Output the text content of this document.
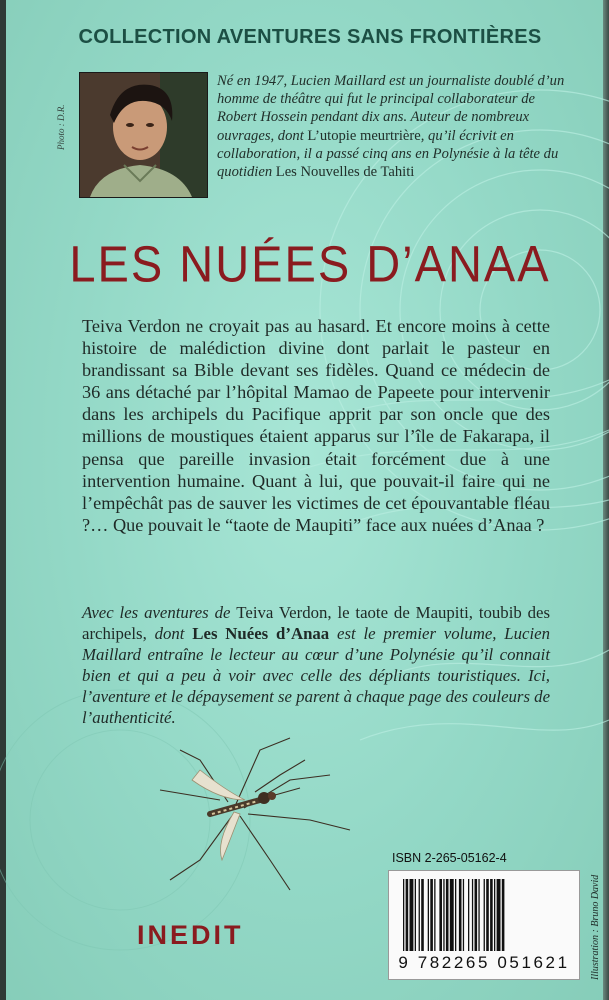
COLLECTION AVENTURES SANS FRONTIÈRES
Photo : D.R.
Né en 1947, Lucien Maillard est un journaliste doublé d’un homme de théâtre qui fut le principal collaborateur de Robert Hossein pendant dix ans. Auteur de nombreux ouvrages, dont L’utopie meurtrière, qu’il écrivit en collaboration, il a passé cinq ans en Polynésie à la tête du quotidien Les Nouvelles de Tahiti
LES NUÉES D’ANAA
Teiva Verdon ne croyait pas au hasard. Et encore moins à cette histoire de malédiction divine dont parlait le pasteur en brandissant sa Bible devant ses fidèles. Quand ce médecin de 36 ans détaché par l’hôpital Mamao de Papeete pour intervenir dans les archipels du Pacifique apprit par son oncle que des millions de moustiques étaient apparus sur l’île de Fakarapa, il pensa que pareille invasion était forcément due à une intervention humaine. Quant à lui, que pouvait-il faire qui ne l’empêchât pas de sauver les victimes de cet épouvantable fléau ?… Que pouvait le “taote de Maupiti” face aux nuées d’Anaa ?
Avec les aventures de Teiva Verdon, le taote de Maupiti, toubib des archipels, dont Les Nuées d’Anaa est le premier volume, Lucien Maillard entraîne le lecteur au cœur d’une Polynésie qu’il connait bien et qui a peu à voir avec celle des dépliants touristiques. Ici, l’aventure et le dépaysement se parent à chaque page des couleurs de l’authenticité.
ISBN 2-265-05162-4
9 782265 051621
INEDIT	Illustration : Bruno David
